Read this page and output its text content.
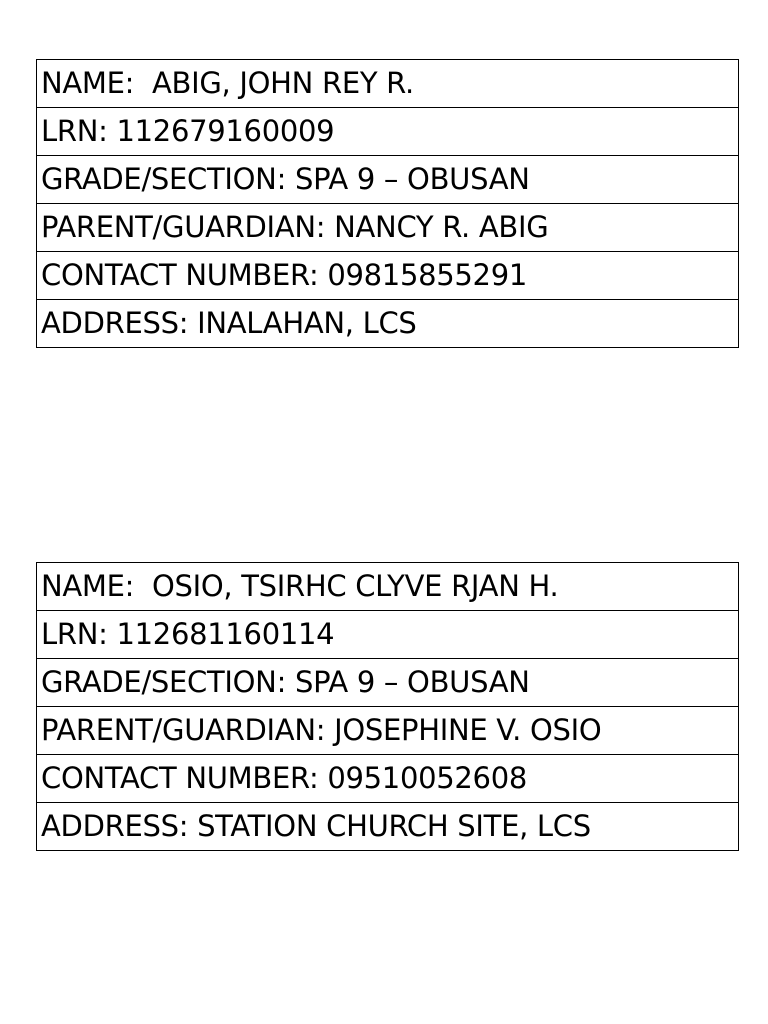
NAME:  ABIG, JOHN REY R.
LRN: 112679160009
GRADE/SECTION: SPA 9 – OBUSAN
PARENT/GUARDIAN: NANCY R. ABIG
CONTACT NUMBER: 09815855291
ADDRESS: INALAHAN, LCS
NAME:  OSIO, TSIRHC CLYVE RJAN H.
LRN: 112681160114
GRADE/SECTION: SPA 9 – OBUSAN
PARENT/GUARDIAN: JOSEPHINE V. OSIO
CONTACT NUMBER: 09510052608
ADDRESS: STATION CHURCH SITE, LCS
